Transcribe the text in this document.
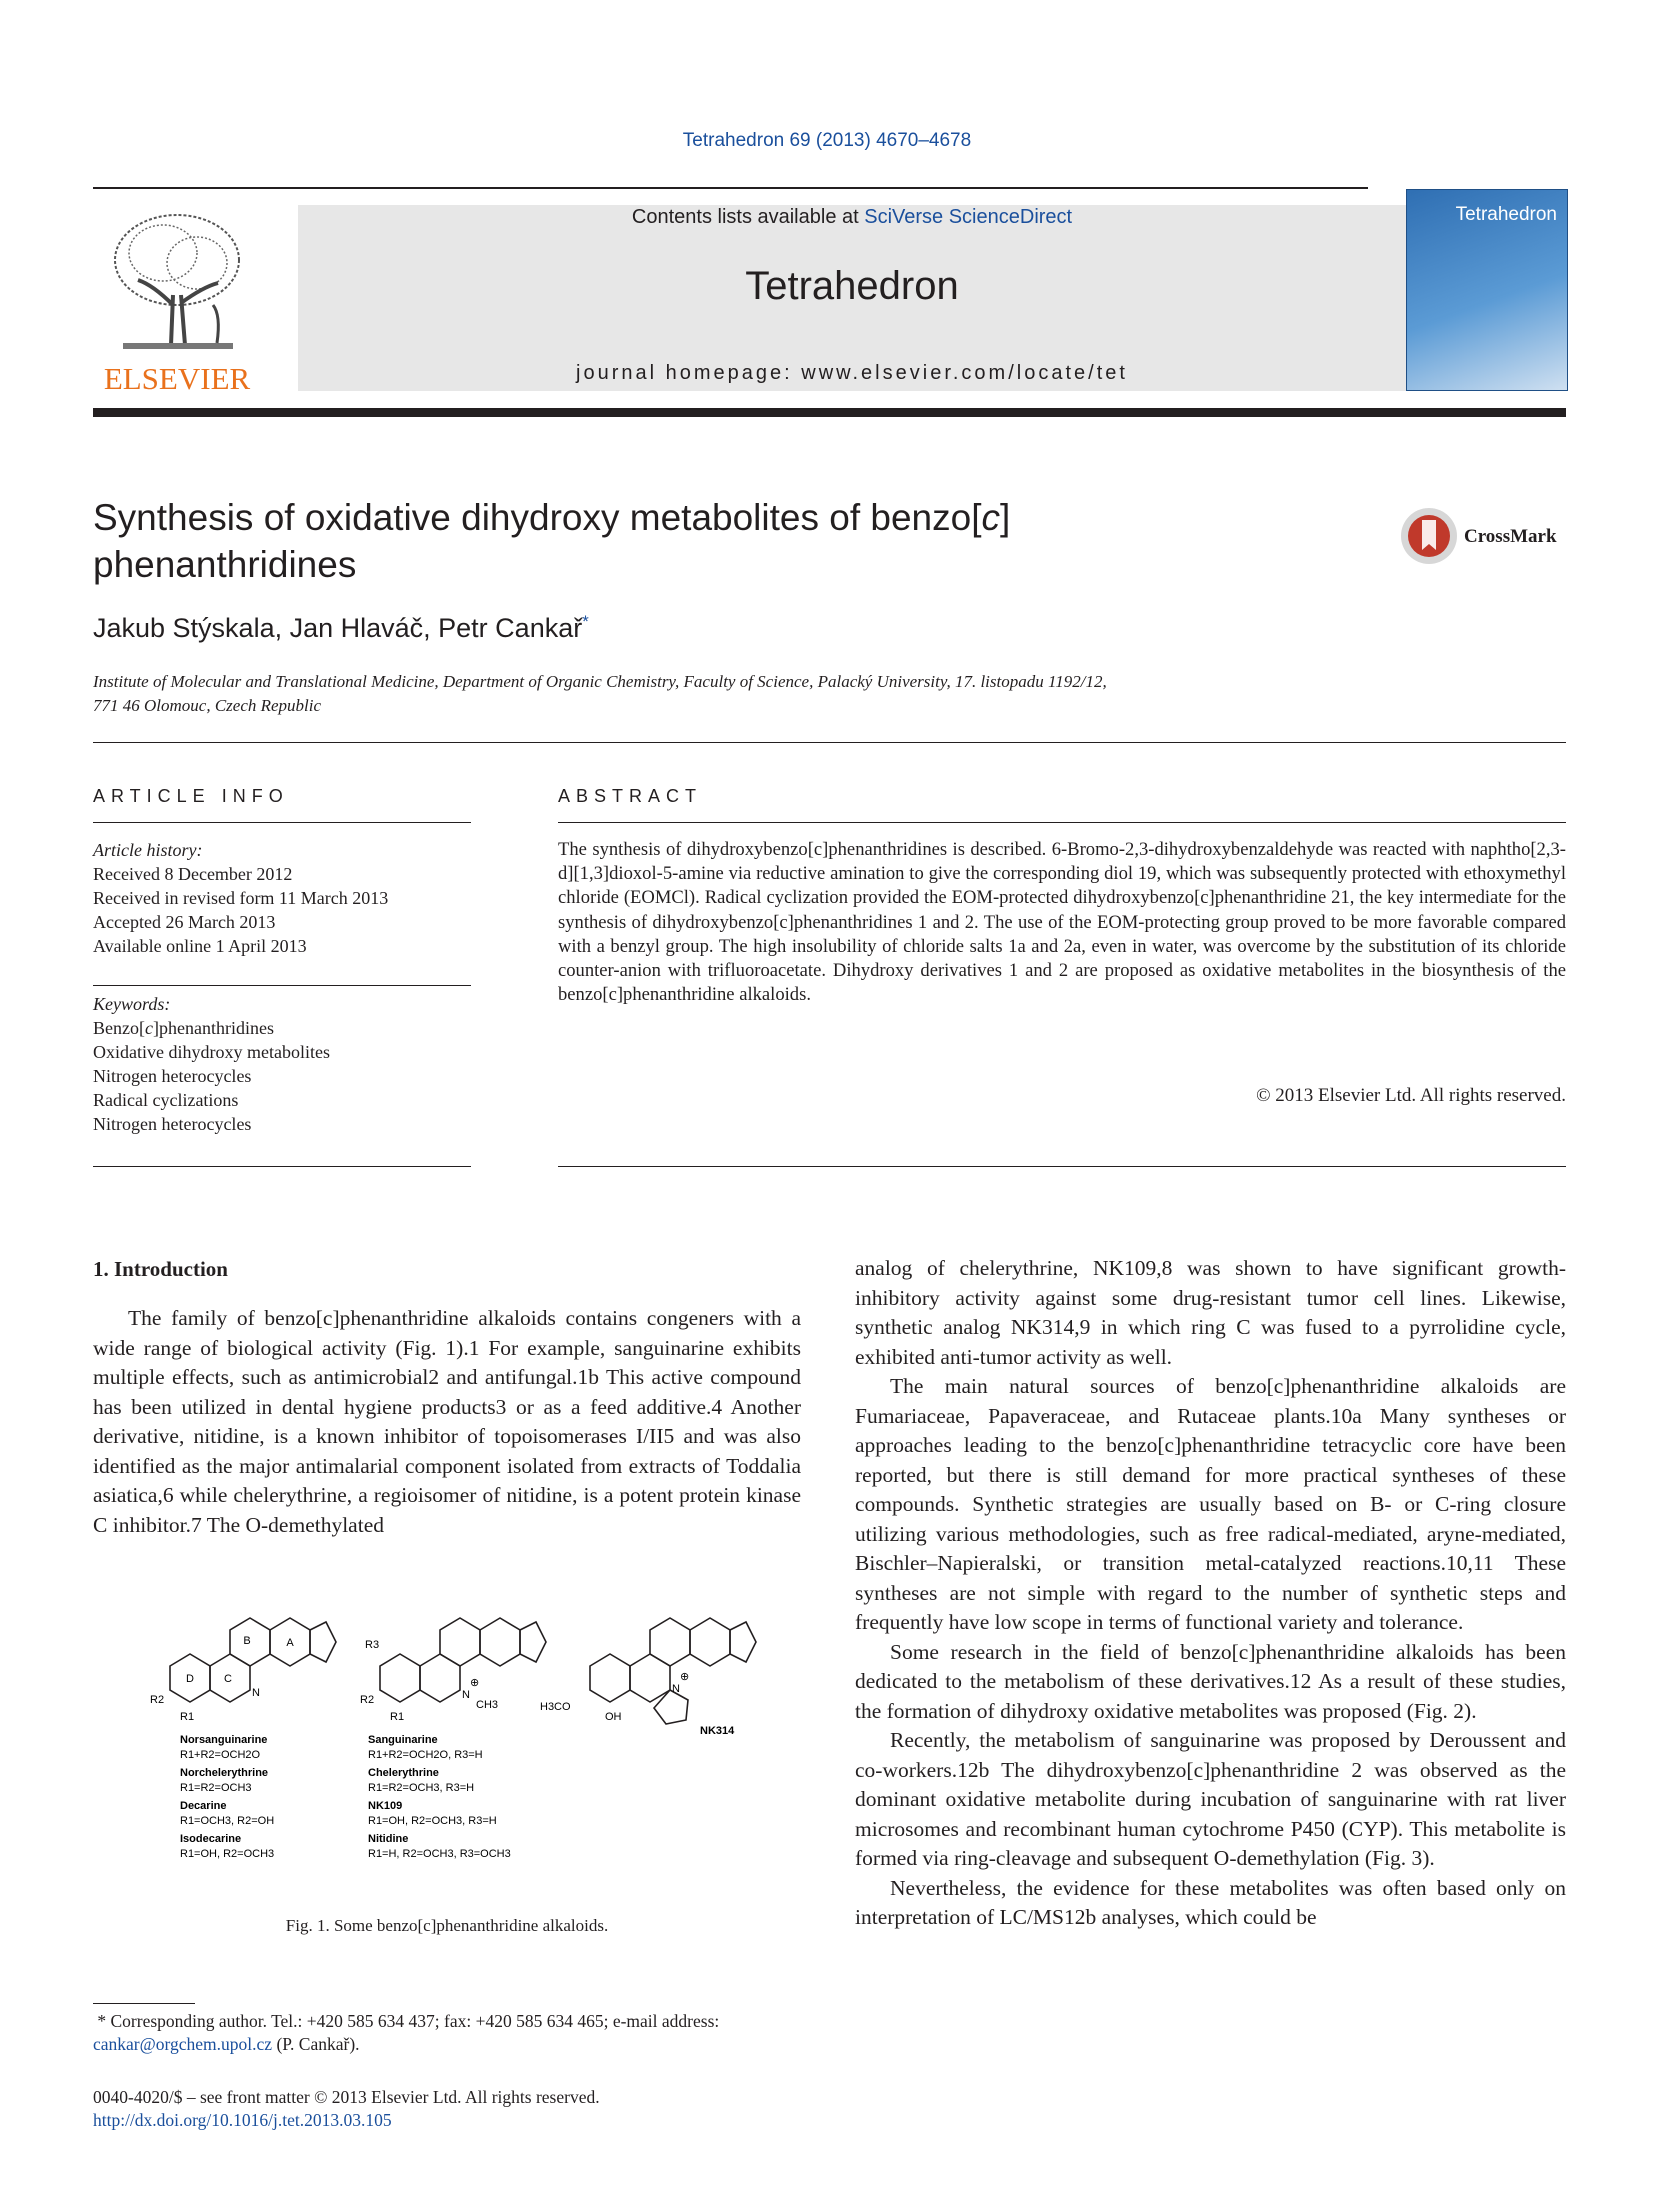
Tetrahedron 69 (2013) 4670–4678
ELSEVIER
Contents lists available at SciVerse ScienceDirect
Tetrahedron
journal homepage: www.elsevier.com/locate/tet
Tetrahedron
Synthesis of oxidative dihydroxy metabolites of benzo[c]
phenanthridines
CrossMark
Jakub Stýskala, Jan Hlaváč, Petr Cankař*
Institute of Molecular and Translational Medicine, Department of Organic Chemistry, Faculty of Science, Palacký University, 17. listopadu 1192/12,
771 46 Olomouc, Czech Republic
ARTICLE INFO
Article history:
Received 8 December 2012
Received in revised form 11 March 2013
Accepted 26 March 2013
Available online 1 April 2013
Keywords:
Benzo[c]phenanthridines
Oxidative dihydroxy metabolites
Nitrogen heterocycles
Radical cyclizations
Nitrogen heterocycles
ABSTRACT
The synthesis of dihydroxybenzo[c]phenanthridines is described. 6-Bromo-2,3-dihydroxybenzaldehyde was reacted with naphtho[2,3-d][1,3]dioxol-5-amine via reductive amination to give the corresponding diol 19, which was subsequently protected with ethoxymethyl chloride (EOMCl). Radical cyclization provided the EOM-protected dihydroxybenzo[c]phenanthridine 21, the key intermediate for the synthesis of dihydroxybenzo[c]phenanthridines 1 and 2. The use of the EOM-protecting group proved to be more favorable compared with a benzyl group. The high insolubility of chloride salts 1a and 2a, even in water, was overcome by the substitution of its chloride counter-anion with trifluoroacetate. Dihydroxy derivatives 1 and 2 are proposed as oxidative metabolites in the biosynthesis of the benzo[c]phenanthridine alkaloids.
© 2013 Elsevier Ltd. All rights reserved.
1. Introduction

The family of benzo[c]phenanthridine alkaloids contains congeners with a wide range of biological activity (Fig. 1).1 For example, sanguinarine exhibits multiple effects, such as antimicrobial2 and antifungal.1b This active compound has been utilized in dental hygiene products3 or as a feed additive.4 Another derivative, nitidine, is a known inhibitor of topoisomerases I/II5 and was also identified as the major antimalarial component isolated from extracts of Toddalia asiatica,6 while chelerythrine, a regioisomer of nitidine, is a potent protein kinase C inhibitor.7 The O-demethylated

analog of chelerythrine, NK109,8 was shown to have significant growth-inhibitory activity against some drug-resistant tumor cell lines. Likewise, synthetic analog NK314,9 in which ring C was fused to a pyrrolidine cycle, exhibited anti-tumor activity as well.

The main natural sources of benzo[c]phenanthridine alkaloids are Fumariaceae, Papaveraceae, and Rutaceae plants.10a Many syntheses or approaches leading to the benzo[c]phenanthridine tetracyclic core have been reported, but there is still demand for more practical syntheses of these compounds. Synthetic strategies are usually based on B- or C-ring closure utilizing various methodologies, such as free radical-mediated, aryne-mediated, Bischler–Napieralski, or transition metal-catalyzed reactions.10,11 These syntheses are not simple with regard to the number of synthetic steps and frequently have low scope in terms of functional variety and tolerance.

Some research in the field of benzo[c]phenanthridine alkaloids has been dedicated to the metabolism of these derivatives.12 As a result of these studies, the formation of dihydroxy oxidative metabolites was proposed (Fig. 2).

Recently, the metabolism of sanguinarine was proposed by Deroussent and co-workers.12b The dihydroxybenzo[c]phenanthridine 2 was observed as the dominant oxidative metabolite during incubation of sanguinarine with rat liver microsomes and recombinant human cytochrome P450 (CYP). This metabolite is formed via ring-cleavage and subsequent O-demethylation (Fig. 3).

Nevertheless, the evidence for these metabolites was often based only on interpretation of LC/MS12b analyses, which could be

B	A
C
D
R2
R1
N
R3
R2
R1
N
⊕
CH3	H3CO
OH
N
⊕
NK314
Norsanguinarine
R1+R2=OCH2O
Norchelerythrine
R1=R2=OCH3
Decarine
R1=OCH3, R2=OH
Isodecarine
R1=OH, R2=OCH3
Sanguinarine
R1+R2=OCH2O, R3=H
Chelerythrine
R1=R2=OCH3, R3=H
NK109
R1=OH, R2=OCH3, R3=H
Nitidine
R1=H, R2=OCH3, R3=OCH3
Fig. 1. Some benzo[c]phenanthridine alkaloids.
* Corresponding author. Tel.: +420 585 634 437; fax: +420 585 634 465; e-mail address: cankar@orgchem.upol.cz (P. Cankař).
0040-4020/$ – see front matter © 2013 Elsevier Ltd. All rights reserved.
http://dx.doi.org/10.1016/j.tet.2013.03.105
